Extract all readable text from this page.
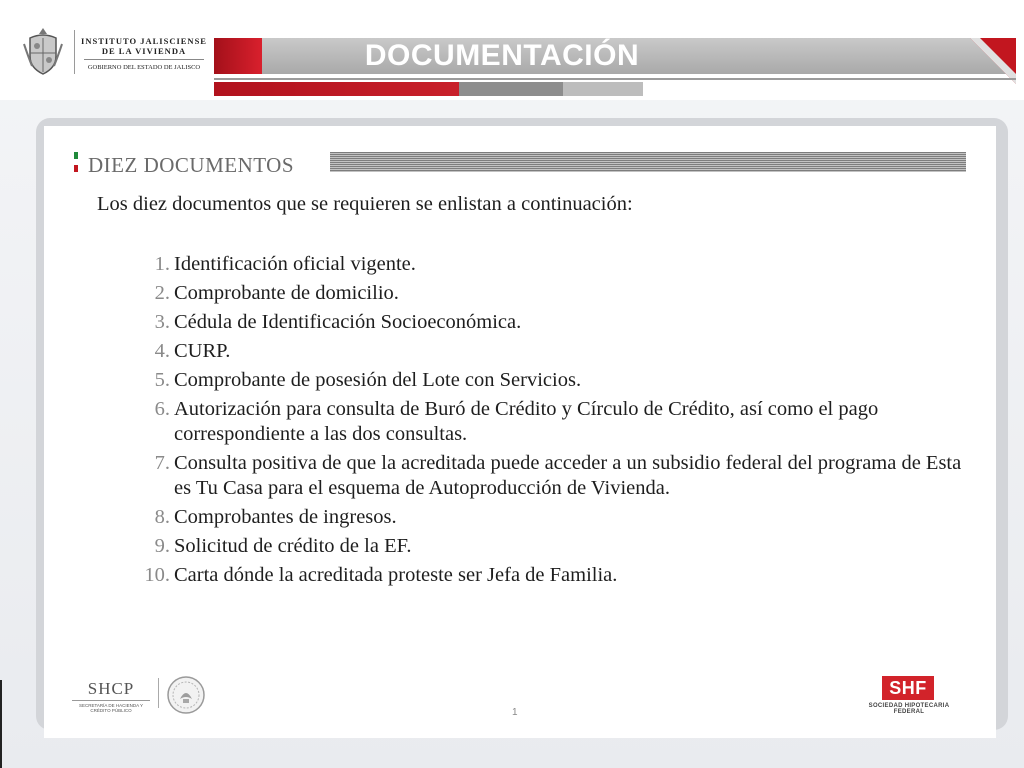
INSTITUTO JALISCIENSE
DE LA VIVIENDA
GOBIERNO DEL ESTADO DE JALISCO	DOCUMENTACIÓN
DIEZ DOCUMENTOS
Los diez documentos que se requieren se enlistan a continuación:
1. Identificación oficial vigente.
2. Comprobante de domicilio.
3. Cédula de Identificación Socioeconómica.
4. CURP.
5. Comprobante de posesión del Lote con Servicios.
6. Autorización para consulta de Buró de Crédito y Círculo de Crédito, así como el pago correspondiente a las dos consultas.
7. Consulta positiva de que la acreditada puede acceder a un subsidio federal del programa de Esta es Tu Casa para el esquema de Autoproducción de Vivienda.
8. Comprobantes de ingresos.
9. Solicitud de crédito de la EF.
10. Carta dónde la acreditada proteste ser Jefa de Familia.
SHCP
SECRETARÍA DE HACIENDA Y CRÉDITO PÚBLICO	1
SHF
SOCIEDAD HIPOTECARIA FEDERAL
